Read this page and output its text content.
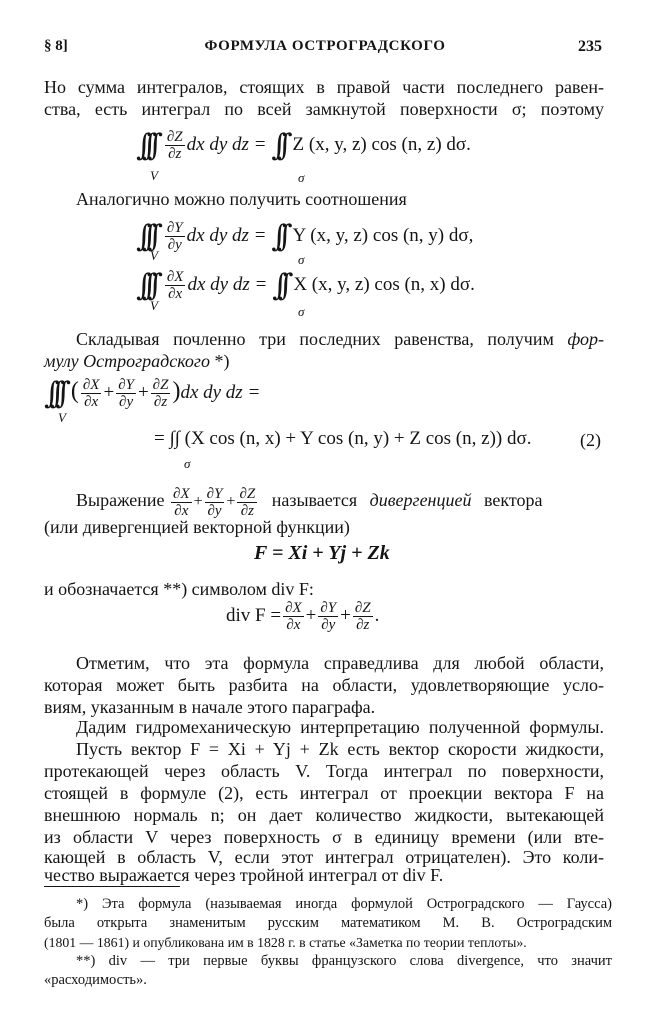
§ 8]	ФОРМУЛА ОСТРОГРАДСКОГО	235
Но сумма интегралов, стоящих в правой части последнего равен-
ства, есть интеграл по всей замкнутой поверхности σ; поэтому
∫∫∫ $\frac{\partial Z}{\partial z}$ dx dy dz = ∫∫ Z (x, y, z) cos (n, z) dσ.
V	σ
Аналогично можно получить соотношения
∫∫∫ $\frac{\partial Y}{\partial y}$ dx dy dz = ∫∫ Y (x, y, z) cos (n, y) dσ,
V	σ
∫∫∫ $\frac{\partial X}{\partial x}$ dx dy dz = ∫∫ X (x, y, z) cos (n, x) dσ.
V	σ
Складывая почленно три последних равенства, получим фор-
мулу Остроградского *)
∫∫∫ ( $\frac{\partial X}{\partial x} + \frac{\partial Y}{\partial y} + \frac{\partial Z}{\partial z} )dx$ dy dz =
V
= ∫∫ (X cos (n, x) + Y cos (n, y) + Z cos (n, z)) dσ.
σ
(2)
Выражение $\frac{\partial X}{\partial x} + \frac{\partial Y}{\partial y} + \frac{\partial Z}{\partial z}$ называется дивергенцией вектора
(или дивергенцией векторной функции)
F = Xi + Yj + Zk
и обозначается **) символом div F:
div $F = \frac{\partial X}{\partial x} + \frac{\partial Y}{\partial y} + \frac{\partial Z}{\partial z}$ .
Отметим, что эта формула справедлива для любой области,
которая может быть разбита на области, удовлетворяющие усло-
виям, указанным в начале этого параграфа.
Дадим гидромеханическую интерпретацию полученной формулы.
Пусть вектор F = Xi + Yj + Zk есть вектор скорости жидкости,
протекающей через область V. Тогда интеграл по поверхности,
стоящей в формуле (2), есть интеграл от проекции вектора F на
внешнюю нормаль n; он дает количество жидкости, вытекающей
из области V через поверхность σ в единицу времени (или вте-
кающей в область V, если этот интеграл отрицателен). Это коли-
чество выражается через тройной интеграл от div F.
*) Эта формула (называемая иногда формулой Остроградского — Гаусса)
была открыта знаменитым русским математиком М. В. Остроградским
(1801 — 1861) и опубликована им в 1828 г. в статье «Заметка по теории теплоты».
**) div — три первые буквы французского слова divergence, что значит
«расходимость».
